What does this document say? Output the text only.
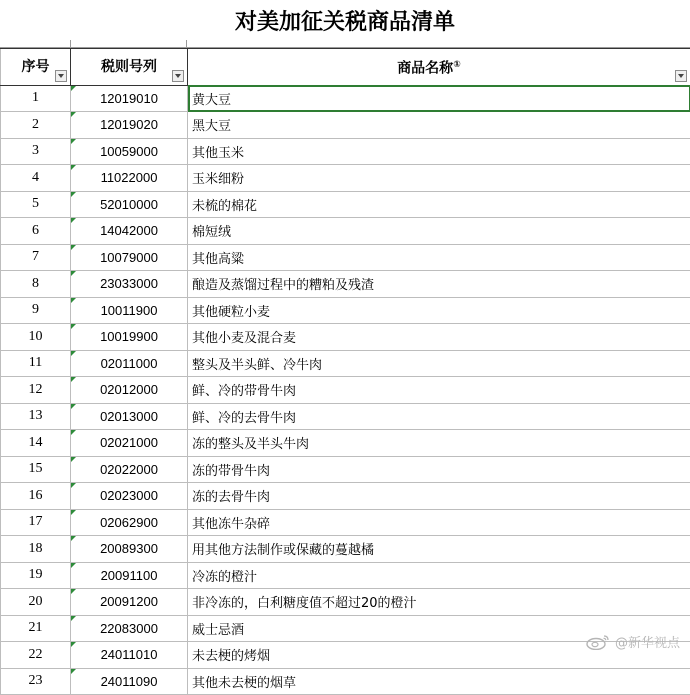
对美加征关税商品清单
序号	税则号列	商品名称①

1	12019010	黄大豆
2	12019020	黑大豆
3	10059000	其他玉米
4	11022000	玉米细粉
5	52010000	未梳的棉花
6	14042000	棉短绒
7	10079000	其他高粱
8	23033000	酿造及蒸馏过程中的糟粕及残渣
9	10011900	其他硬粒小麦
10	10019900	其他小麦及混合麦
11	02011000	整头及半头鲜、冷牛肉
12	02012000	鲜、冷的带骨牛肉
13	02013000	鲜、冷的去骨牛肉
14	02021000	冻的整头及半头牛肉
15	02022000	冻的带骨牛肉
16	02023000	冻的去骨牛肉
17	02062900	其他冻牛杂碎
18	20089300	用其他方法制作或保藏的蔓越橘
19	20091100	冷冻的橙汁
20	20091200	非冷冻的，白利糖度值不超过20的橙汁
21	22083000	威士忌酒
22	24011010	未去梗的烤烟
23	24011090	其他未去梗的烟草
@新华视点
